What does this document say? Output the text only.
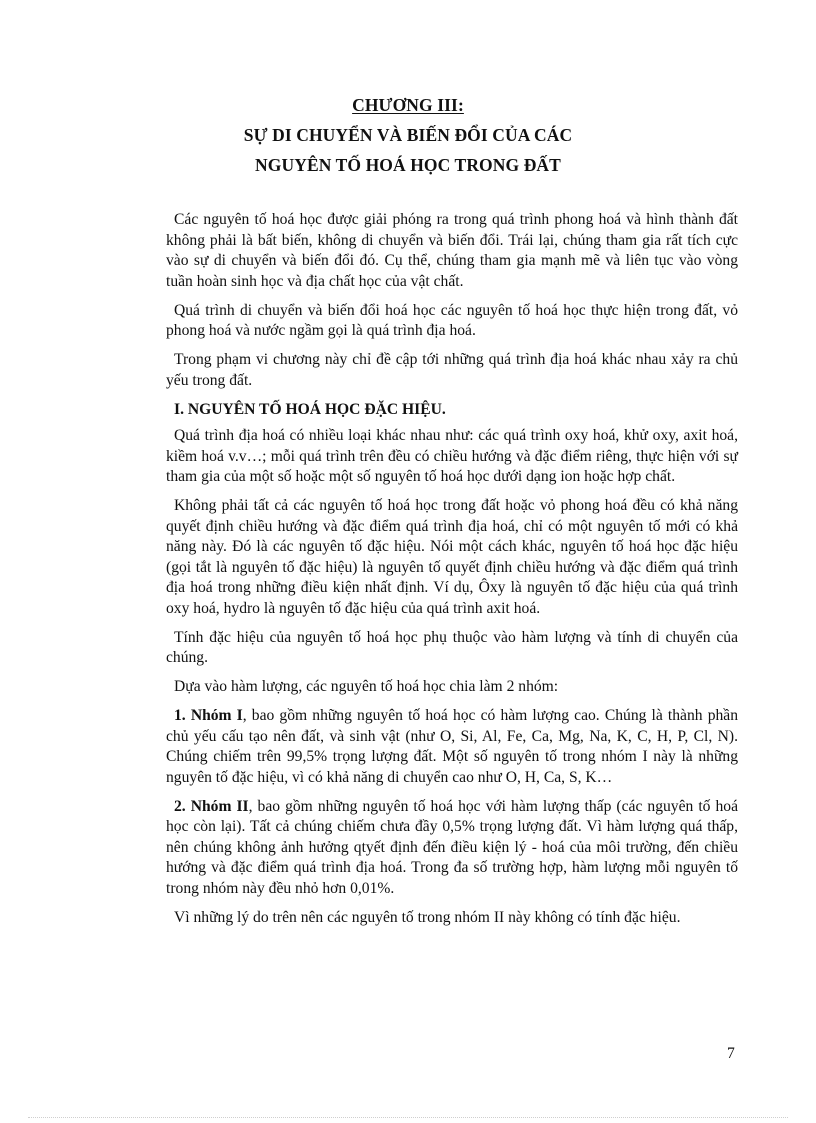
CHƯƠNG III:
SỰ DI CHUYỂN VÀ BIẾN ĐỔI CỦA CÁC
NGUYÊN TỐ HOÁ HỌC TRONG ĐẤT

Các nguyên tố hoá học được giải phóng ra trong quá trình phong hoá và hình thành đất không phải là bất biến, không di chuyển và biến đổi. Trái lại, chúng tham gia rất tích cực vào sự di chuyển và biến đổi đó. Cụ thể, chúng tham gia mạnh mẽ và liên tục vào vòng tuần hoàn sinh học và địa chất học của vật chất.

Quá trình di chuyển và biến đổi hoá học các nguyên tố hoá học thực hiện trong đất, vỏ phong hoá và nước ngầm gọi là quá trình địa hoá.

Trong phạm vi chương này chỉ đề cập tới những quá trình địa hoá khác nhau xảy ra chủ yếu trong đất.

I. NGUYÊN TỐ HOÁ HỌC ĐẶC HIỆU.

Quá trình địa hoá có nhiều loại khác nhau như: các quá trình oxy hoá, khử oxy, axit hoá, kiềm hoá v.v…; mỗi quá trình trên đều có chiều hướng và đặc điểm riêng, thực hiện với sự tham gia của một số hoặc một số nguyên tố hoá học dưới dạng ion hoặc hợp chất.

Không phải tất cả các nguyên tố hoá học trong đất hoặc vỏ phong hoá đều có khả năng quyết định chiều hướng và đặc điểm quá trình địa hoá, chỉ có một nguyên tố mới có khả năng này. Đó là các nguyên tố đặc hiệu. Nói một cách khác, nguyên tố hoá học đặc hiệu (gọi tắt là nguyên tố đặc hiệu) là nguyên tố quyết định chiều hướng và đặc điểm quá trình địa hoá trong những điều kiện nhất định. Ví dụ, Ôxy là nguyên tố đặc hiệu của quá trình oxy hoá, hydro là nguyên tố đặc hiệu của quá trình axit hoá.

Tính đặc hiệu của nguyên tố hoá học phụ thuộc vào hàm lượng và tính di chuyển của chúng.

Dựa vào hàm lượng, các nguyên tố hoá học chia làm 2 nhóm:

1. Nhóm I, bao gồm những nguyên tố hoá học có hàm lượng cao. Chúng là thành phần chủ yếu cấu tạo nên đất, và sinh vật (như O, Si, Al, Fe, Ca, Mg, Na, K, C, H, P, Cl, N). Chúng chiếm trên 99,5% trọng lượng đất. Một số nguyên tố trong nhóm I này là những nguyên tố đặc hiệu, vì có khả năng di chuyển cao như O, H, Ca, S, K…

2. Nhóm II, bao gồm những nguyên tố hoá học với hàm lượng thấp (các nguyên tố hoá học còn lại). Tất cả chúng chiếm chưa đầy 0,5% trọng lượng đất. Vì hàm lượng quá thấp, nên chúng không ảnh hưởng qtyết định đến điều kiện lý - hoá của môi trường, đến chiều hướng và đặc điểm quá trình địa hoá. Trong đa số trường hợp, hàm lượng mỗi nguyên tố trong nhóm này đều nhỏ hơn 0,01%.

Vì những lý do trên nên các nguyên tố trong nhóm II này không có tính đặc hiệu.

7
